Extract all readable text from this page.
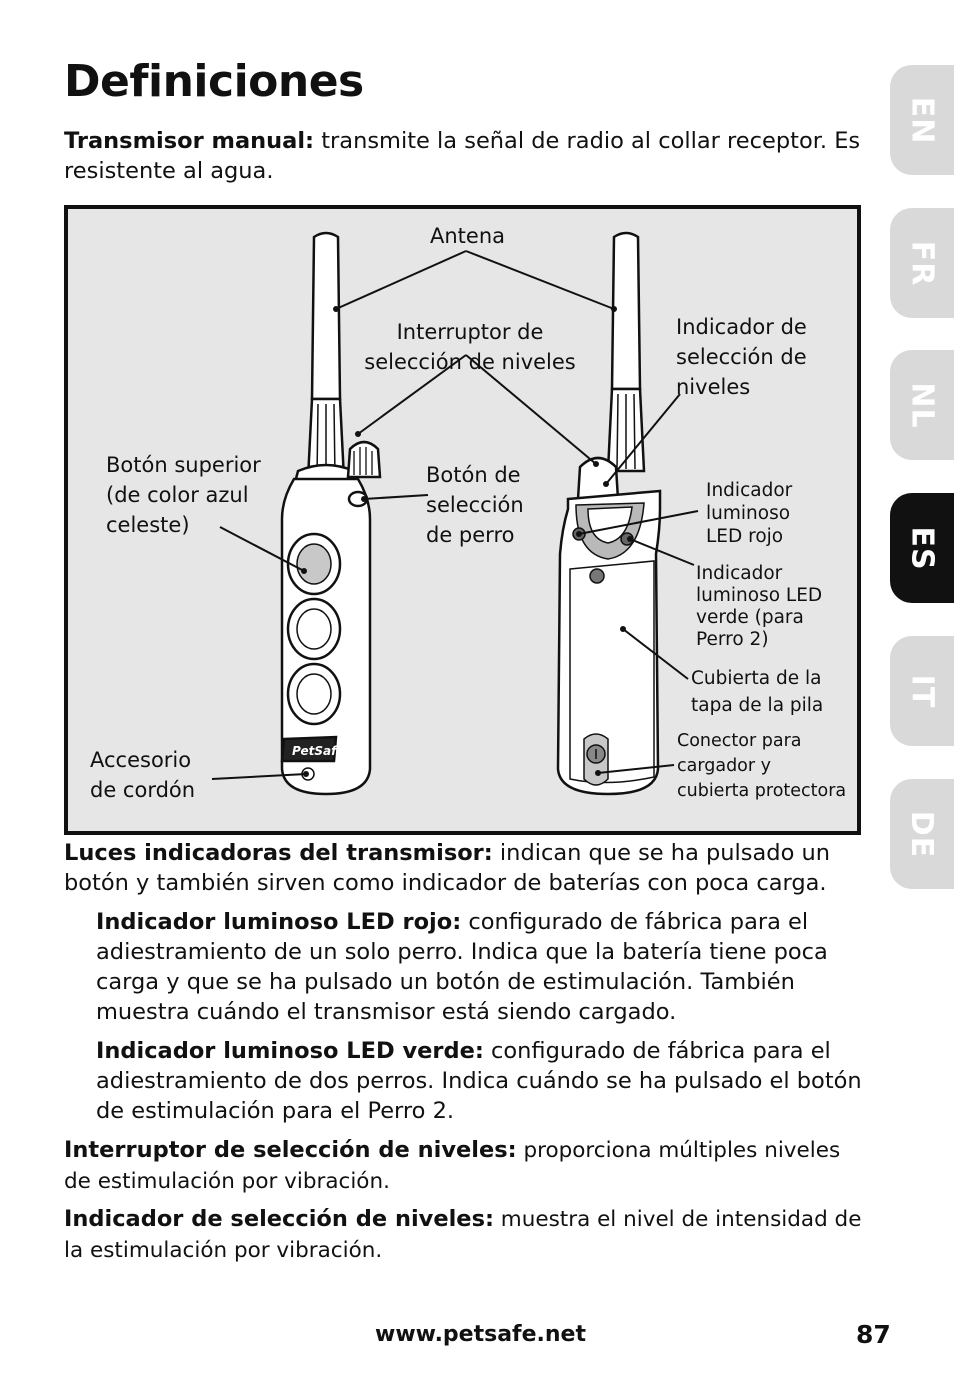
Definiciones
Transmisor manual: transmite la señal de radio al collar receptor. Es resistente al agua.
PetSafe
Antena
Interruptor de
selección de niveles
Indicador de
selección de
niveles
Botón superior
(de color azul
celeste)
Botón de
selección
de perro
Indicador
luminoso
LED rojo
Indicador
luminoso LED
verde (para
Perro 2)
Cubierta de la
tapa de la pila
Accesorio
de cordón
Conector para
cargador y
cubierta protectora
Luces indicadoras del transmisor: indican que se ha pulsado un botón y también sirven como indicador de baterías con poca carga.
Indicador luminoso LED rojo: configurado de fábrica para el adiestramiento de un solo perro. Indica que la batería tiene poca carga y que se ha pulsado un botón de estimulación. También muestra cuándo el transmisor está siendo cargado.
Indicador luminoso LED verde: configurado de fábrica para el adiestramiento de dos perros. Indica cuándo se ha pulsado el botón de estimulación para el Perro 2.
Interruptor de selección de niveles: proporciona múltiples niveles de estimulación por vibración.
Indicador de selección de niveles: muestra el nivel de intensidad de la estimulación por vibración.
EN
FR
NL
ES
IT
DE
www.petsafe.net	87
